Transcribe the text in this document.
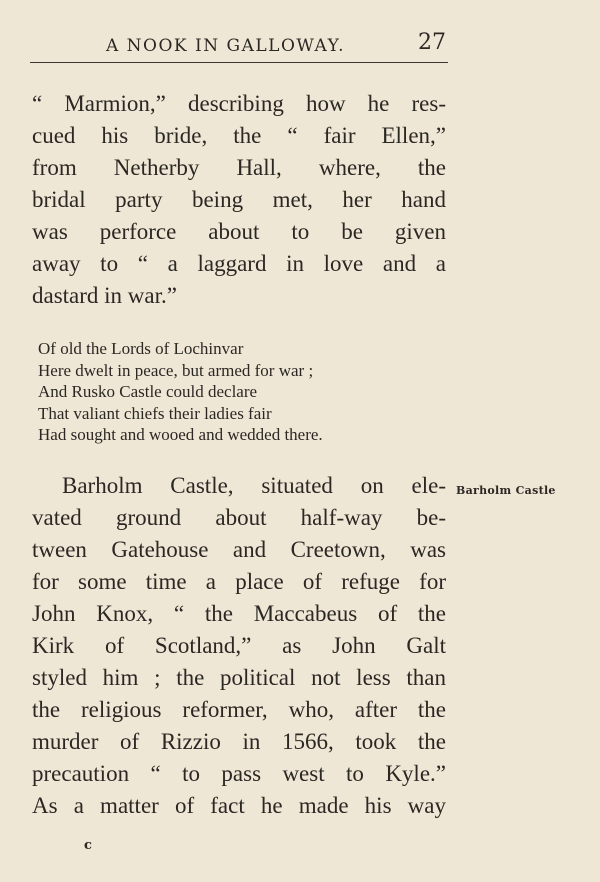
A NOOK IN GALLOWAY.	27
“ Marmion,” describing how he res-
cued his bride, the “ fair Ellen,”
from Netherby Hall, where, the
bridal party being met, her hand
was perforce about to be given
away to “ a laggard in love and a
dastard in war.”
Of old the Lords of Lochinvar
Here dwelt in peace, but armed for war ;
And Rusko Castle could declare
That valiant chiefs their ladies fair
Had sought and wooed and wedded there.
Barholm Castle, situated on ele-
vated ground about half-way be-
tween Gatehouse and Creetown, was
for some time a place of refuge for
John Knox, “ the Maccabeus of the
Kirk of Scotland,” as John Galt
styled him ; the political not less than
the religious reformer, who, after the
murder of Rizzio in 1566, took the
precaution “ to pass west to Kyle.”
As a matter of fact he made his way
Barholm Castle
c
